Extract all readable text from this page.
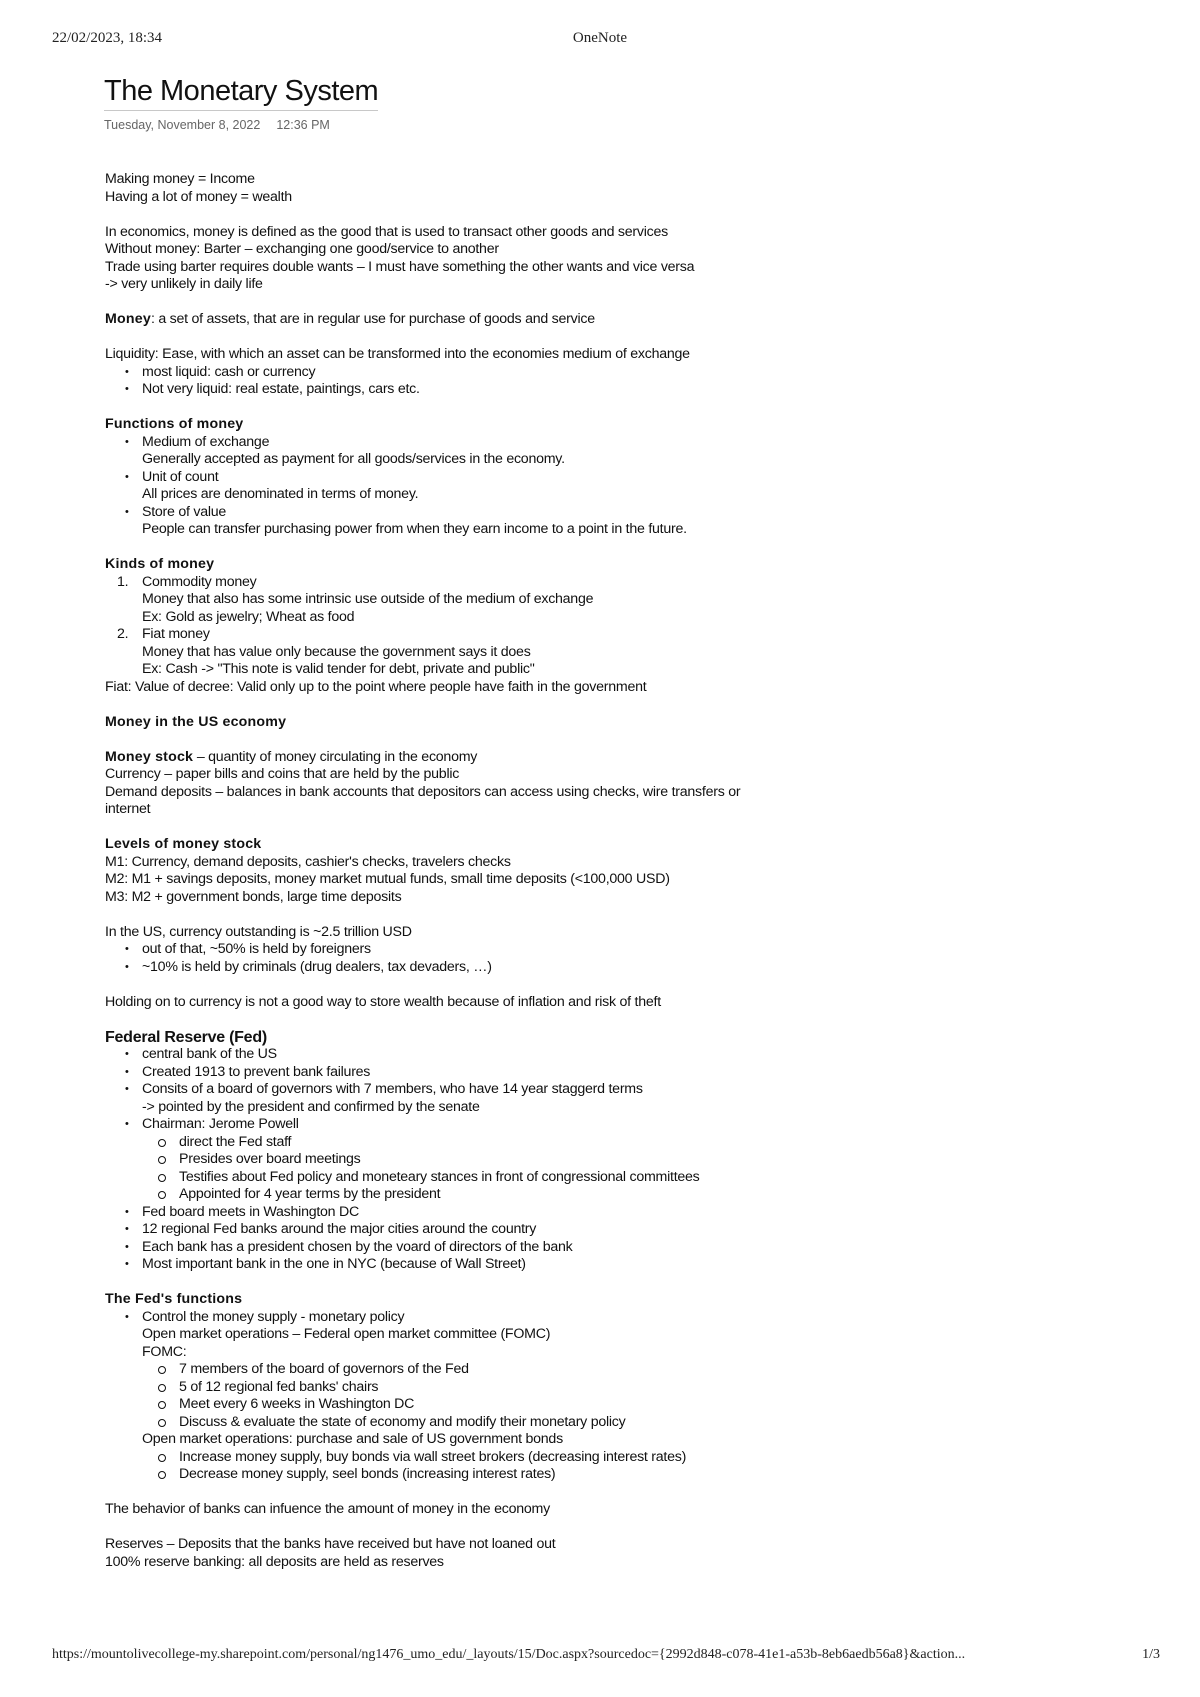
22/02/2023, 18:34	OneNote
The Monetary System
Tuesday, November 8, 2022 12:36 PM

Making money = Income

Having a lot of money = wealth

In economics, money is defined as the good that is used to transact other goods and services

Without money: Barter – exchanging one good/service to another

Trade using barter requires double wants – I must have something the other wants and vice versa

-> very unlikely in daily life

Money: a set of assets, that are in regular use for purchase of goods and service

Liquidity: Ease, with which an asset can be transformed into the economies medium of exchange

• most liquid: cash or currency
• Not very liquid: real estate, paintings, cars etc.

Functions of money

• Medium of exchange
Generally accepted as payment for all goods/services in the economy.
• Unit of count
All prices are denominated in terms of money.
• Store of value
People can transfer purchasing power from when they earn income to a point in the future.

Kinds of money

1. Commodity money
Money that also has some intrinsic use outside of the medium of exchange
Ex: Gold as jewelry; Wheat as food
2. Fiat money
Money that has value only because the government says it does
Ex: Cash -> "This note is valid tender for debt, private and public"

Fiat: Value of decree: Valid only up to the point where people have faith in the government

Money in the US economy

Money stock – quantity of money circulating in the economy

Currency – paper bills and coins that are held by the public

Demand deposits – balances in bank accounts that depositors can access using checks, wire transfers or internet

Levels of money stock

M1: Currency, demand deposits, cashier's checks, travelers checks

M2: M1 + savings deposits, money market mutual funds, small time deposits (<100,000 USD)

M3: M2 + government bonds, large time deposits

In the US, currency outstanding is ~2.5 trillion USD

• out of that, ~50% is held by foreigners
• ~10% is held by criminals (drug dealers, tax devaders, …)

Holding on to currency is not a good way to store wealth because of inflation and risk of theft

Federal Reserve (Fed)

• central bank of the US
• Created 1913 to prevent bank failures
• Consits of a board of governors with 7 members, who have 14 year staggerd terms
-> pointed by the president and confirmed by the senate
• Chairman: Jerome Powell
direct the Fed staff
Presides over board meetings
Testifies about Fed policy and moneteary stances in front of congressional committees
Appointed for 4 year terms by the president
• Fed board meets in Washington DC
• 12 regional Fed banks around the major cities around the country
• Each bank has a president chosen by the voard of directors of the bank
• Most important bank in the one in NYC (because of Wall Street)

The Fed's functions

• Control the money supply - monetary policy
Open market operations – Federal open market committee (FOMC)
FOMC:
7 members of the board of governors of the Fed
5 of 12 regional fed banks' chairs
Meet every 6 weeks in Washington DC
Discuss & evaluate the state of economy and modify their monetary policy
Open market operations: purchase and sale of US government bonds
Increase money supply, buy bonds via wall street brokers (decreasing interest rates)
Decrease money supply, seel bonds (increasing interest rates)

The behavior of banks can infuence the amount of money in the economy

Reserves – Deposits that the banks have received but have not loaned out

100% reserve banking: all deposits are held as reserves

https://mountolivecollege-my.sharepoint.com/personal/ng1476_umo_edu/_layouts/15/Doc.aspx?sourcedoc={2992d848-c078-41e1-a53b-8eb6aedb56a8}&action...	1/3
